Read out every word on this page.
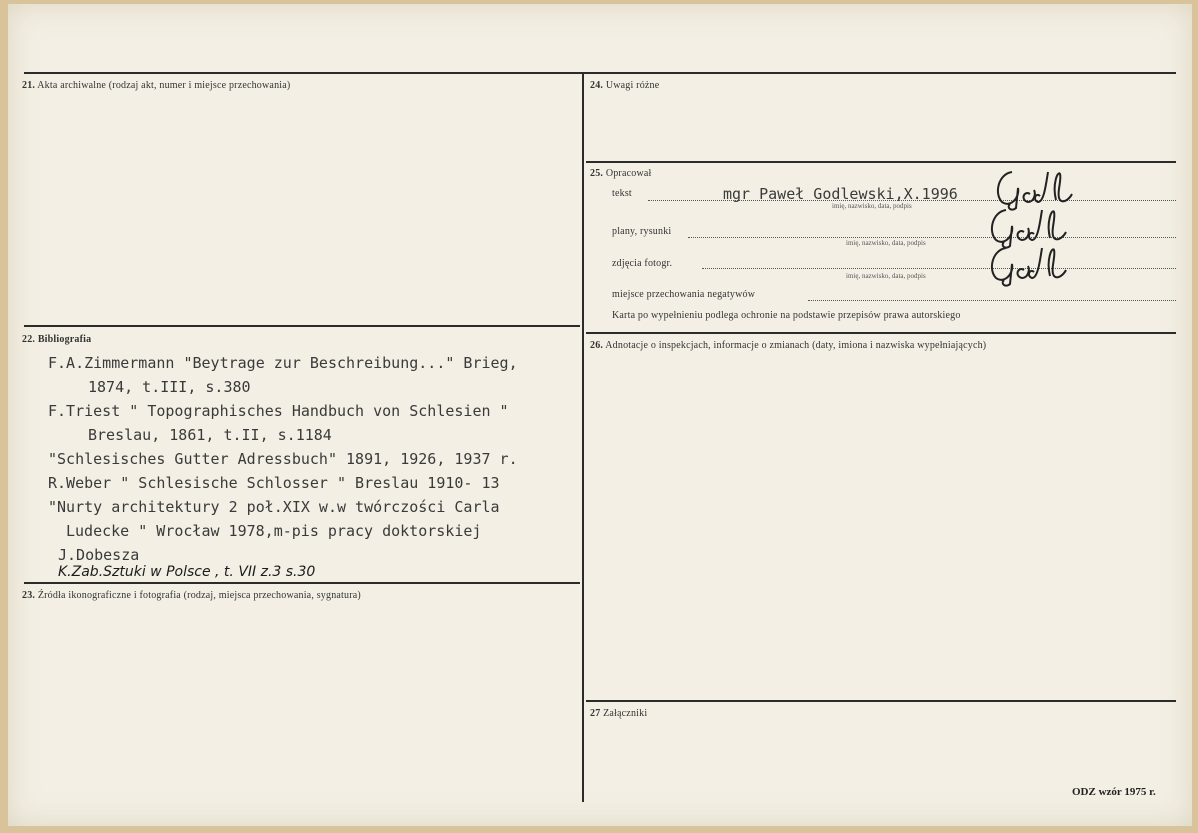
21. Akta archiwalne (rodzaj akt, numer i miejsce przechowania)
22. Bibliografia
F.A.Zimmermann "Beytrage zur Beschreibung..." Brieg,
1874, t.III, s.380
F.Triest " Topographisches Handbuch von Schlesien "
Breslau, 1861, t.II, s.1184
"Schlesisches Gutter Adressbuch" 1891, 1926, 1937 r.
R.Weber " Schlesische Schlosser " Breslau 1910- 13
"Nurty architektury 2 poł.XIX w.w twórczości Carla
Ludecke " Wrocław 1978,m-pis pracy doktorskiej
J.Dobesza
K.Zab.Sztuki w Polsce , t. VII z.3 s.30
23. Źródła ikonograficzne i fotografia (rodzaj, miejsca przechowania, sygnatura)
24. Uwagi różne
25. Opracował
tekst	mgr Paweł Godlewski,X.1996
imię, nazwisko, data, podpis
plany, rysunki
imię, nazwisko, data, podpis
zdjęcia fotogr.
imię, nazwisko, data, podpis
miejsce przechowania negatywów
Karta po wypełnieniu podlega ochronie na podstawie przepisów prawa autorskiego
26. Adnotacje o inspekcjach, informacje o zmianach (daty, imiona i nazwiska wypełniających)
27 Załączniki
ODZ wzór 1975 r.
